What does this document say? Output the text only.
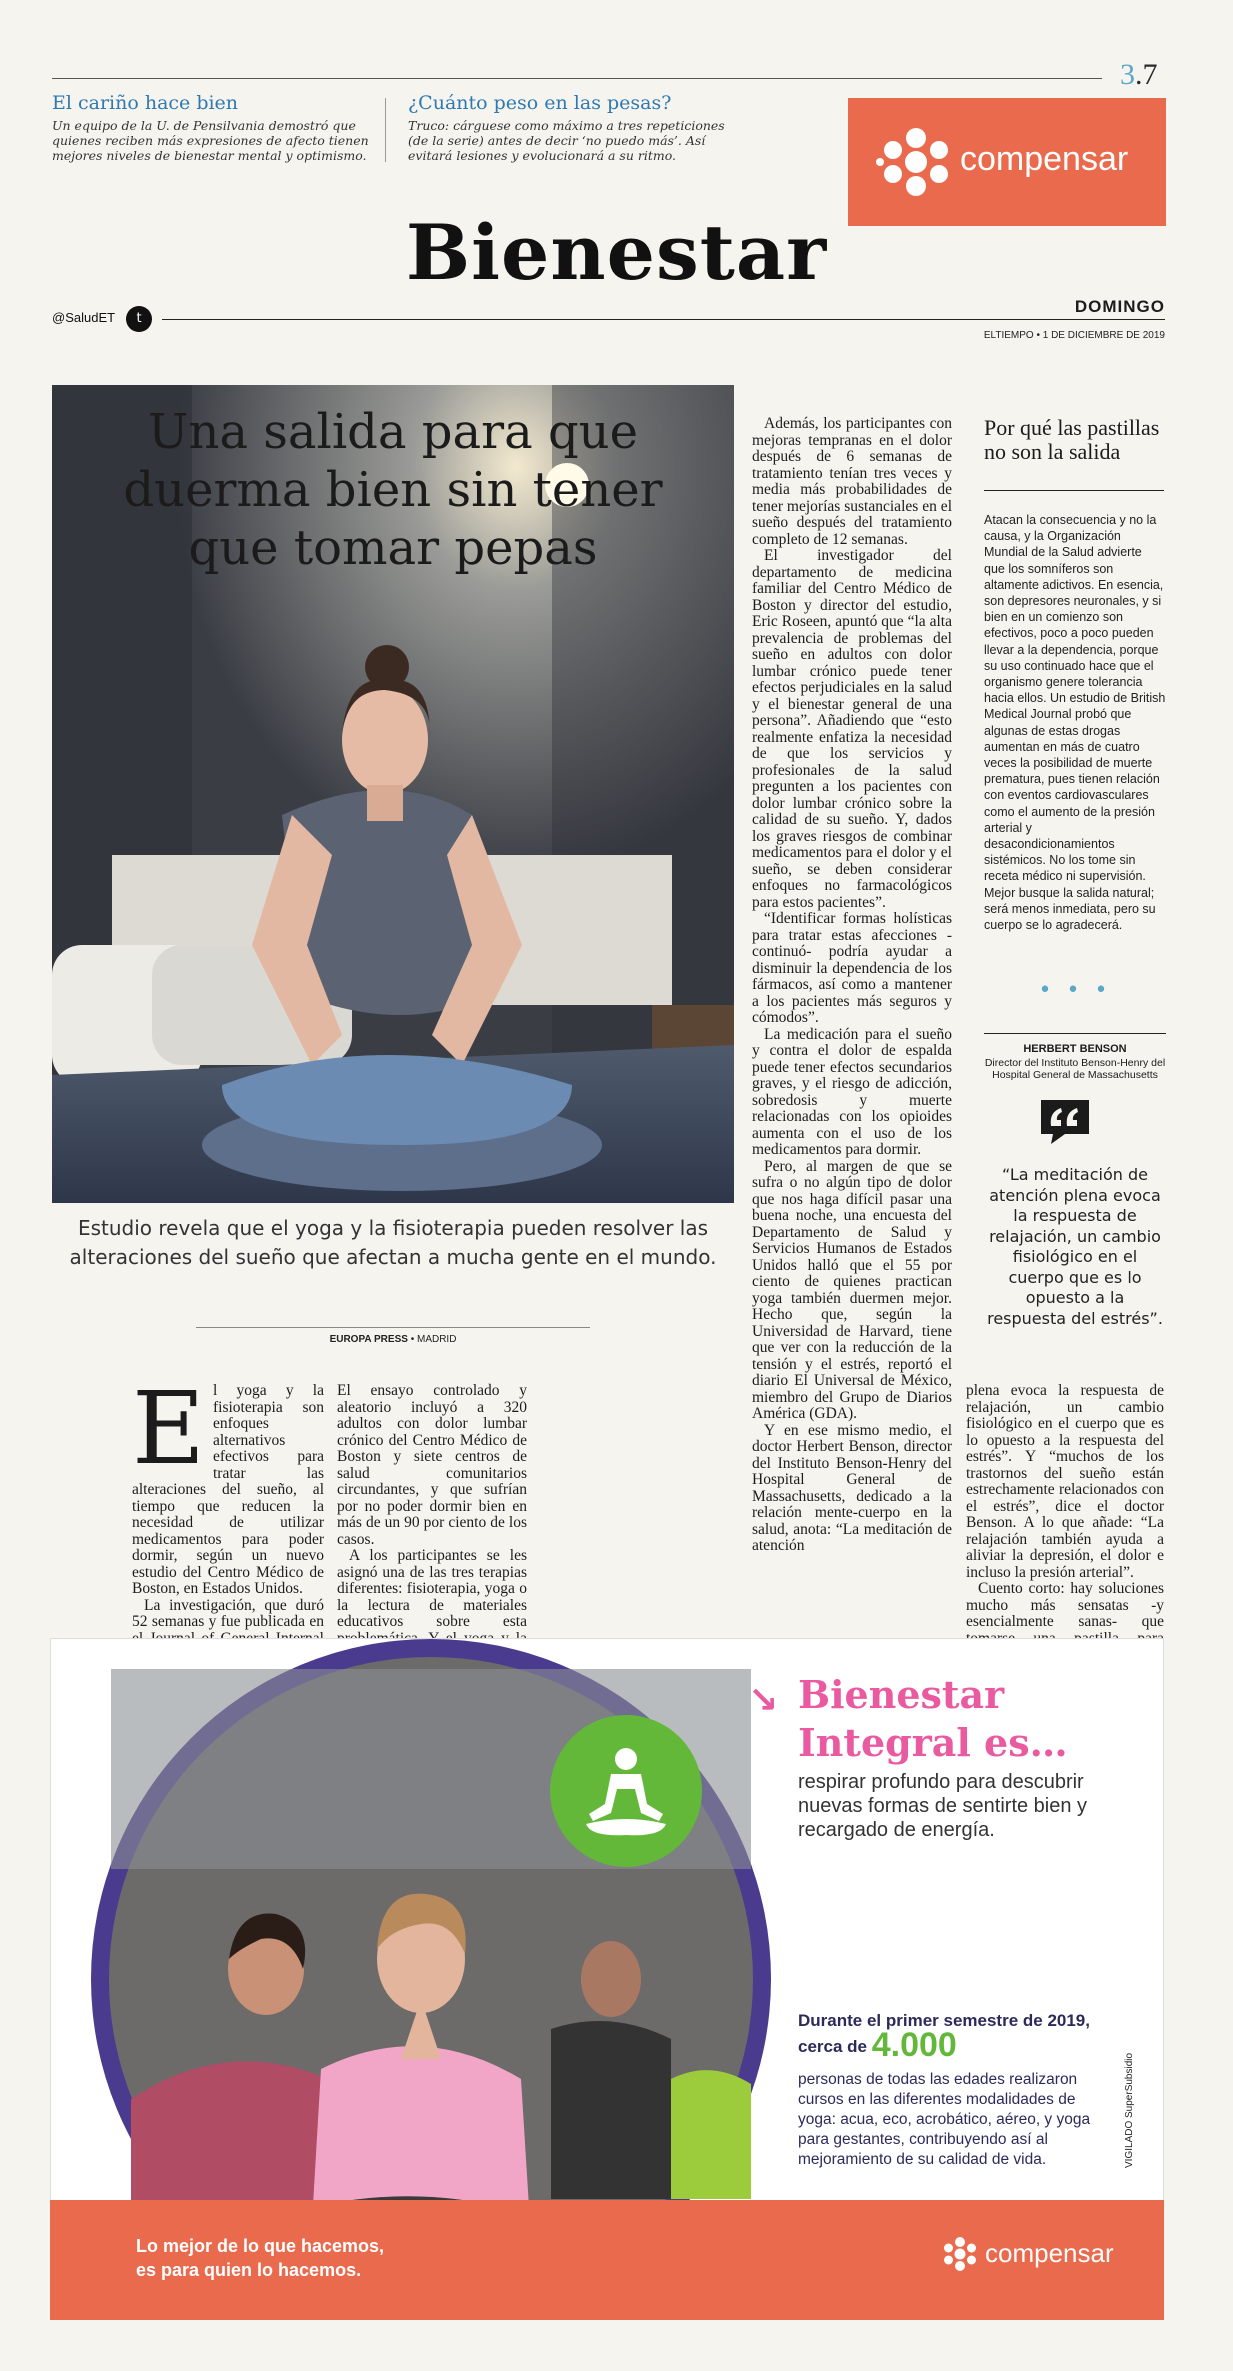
3.7
El cariño hace bien
Un equipo de la U. de Pensilvania demostró que quienes reciben más expresiones de afecto tienen mejores niveles de bienestar mental y optimismo.
¿Cuánto peso en las pesas?
Truco: cárguese como máximo a tres repeticiones (de la serie) antes de decir ‘no puedo más’. Así evitará lesiones y evolucionará a su ritmo.	compensar
Bienestar
@SaludET	t
DOMINGO
ELTIEMPO • 1 DE DICIEMBRE DE 2019
Una salida para que duerma bien sin tener que tomar pepas
Estudio revela que el yoga y la fisioterapia pueden resolver las alteraciones del sueño que afectan a mucha gente en el mundo.
EUROPA PRESS • MADRID
E l yoga y la fisioterapia son enfoques alternativos efectivos para tratar las alteraciones del sueño, al tiempo que reducen la necesidad de utilizar medicamentos para poder dormir, según un nuevo estudio del Centro Médico de Boston, en Estados Unidos.

La investigación, que duró 52 semanas y fue publicada en

El ensayo controlado y aleatorio incluyó a 320 adultos con dolor lumbar crónico del Centro Médico de Boston y siete centros de salud comunitarios circundantes, y que sufrían por no poder dormir bien en más de un 90 por ciento de los casos.

A los participantes se les asignó una de las tres terapias diferentes: fisioterapia, yoga o la lectura de materiales educativos sobre esta

Además, los participantes con mejoras tempranas en el dolor después de 6 semanas de tratamiento tenían tres veces y media más probabilidades de tener mejorías sustanciales en el sueño después del tratamiento completo de 12 semanas.

El investigador del departamento de medicina familiar del Centro Médico de Boston y director del estudio, Eric Roseen, apuntó que “la alta prevalencia de problemas del sueño en adultos con dolor lumbar crónico puede tener efectos perjudiciales en la salud y el bienestar general de una persona”. Añadiendo que “esto realmente enfatiza la necesidad de que los servicios y profesionales de la salud pregunten a los pacientes con dolor lumbar crónico sobre la calidad de su sueño. Y, dados los graves riesgos de combinar medicamentos para el dolor y el sueño, se deben considerar enfoques no farmacológicos para estos pacientes”.

“Identificar formas holísticas para tratar estas afecciones -continuó- podría ayudar a disminuir la dependencia de los fármacos, así como a mantener a los pacientes más seguros y cómodos”.

La medicación para el sueño y contra el dolor de espalda puede tener efectos secundarios graves, y el riesgo de adicción, sobredosis y muerte relacionadas con los opioides aumenta con el uso de los medicamentos para dormir.

Pero, al margen de que se sufra o no algún tipo de dolor que nos haga difícil pasar una buena noche, una encuesta del Departamento de Salud y Servicios Humanos de Estados Unidos halló que el 55 por ciento de quienes practican yoga también duermen mejor. Hecho que, según la Universidad de Harvard, tiene que ver con la reducción de la tensión y el estrés, reportó el diario El Universal de México, miembro del Grupo de Diarios América (GDA).

Y en ese mismo medio, el doctor Herbert Benson, director del Instituto Benson-Henry del Hospital General de Massachusetts, dedicado a la relación mente-cuerpo en la salud, anota: “La meditación de atención

plena evoca la respuesta de relajación, un cambio fisiológico en el cuerpo que es lo opuesto a la respuesta del estrés”. Y “muchos de los trastornos del sueño están estrechamente relacionados con el estrés”, dice el doctor Benson. A lo que añade: “La relajación también ayuda a aliviar la depresión, el dolor e incluso la presión arterial”.

Cuento corto: hay soluciones mucho más sensatas -y esencialmente sanas- que

Por qué las pastillas no son la salida
Atacan la consecuencia y no la causa, y la Organización Mundial de la Salud advierte que los somníferos son altamente adictivos. En esencia, son depresores neuronales, y si bien en un comienzo son efectivos, poco a poco pueden llevar a la dependencia, porque su uso continuado hace que el organismo genere tolerancia hacia ellos. Un estudio de British Medical Journal probó que algunas de estas drogas aumentan en más de cuatro veces la posibilidad de muerte prematura, pues tienen relación con eventos cardiovasculares como el aumento de la presión arterial y desacondicionamientos sistémicos. No los tome sin receta médico ni supervisión. Mejor busque la salida natural; será menos inmediata, pero su cuerpo se lo agradecerá.
• • •
HERBERT BENSON
Director del Instituto Benson-Henry del Hospital General de Massachusetts
“La meditación de atención plena evoca la respuesta de relajación, un cambio fisiológico en el cuerpo que es lo opuesto a la respuesta del estrés”.
↘ Bienestar
Integral es…
respirar profundo para descubrir nuevas formas de sentirte bien y recargado de energía.
Durante el primer semestre de 2019, cerca de 4.000
personas de todas las edades realizaron cursos en las diferentes modalidades de yoga: acua, eco, acrobático, aéreo, y yoga para gestantes, contribuyendo así al mejoramiento de su calidad de vida.	VIGILADO SuperSubsidio
Lo mejor de lo que hacemos,
es para quien lo hacemos.
compensar
